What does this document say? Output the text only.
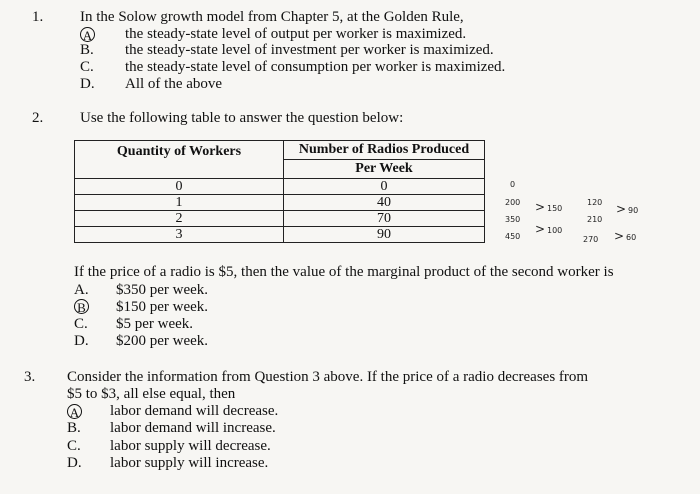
1. In the Solow growth model from Chapter 5, at the Golden Rule,
A the steady-state level of output per worker is maximized.
B. the steady-state level of investment per worker is maximized.
C. the steady-state level of consumption per worker is maximized.
D. All of the above
2. Use the following table to answer the question below:
Quantity of Workers	Number of Radios Produced
	Per Week
0	0
1	40
2	70
3	90
0
200
350
450
> 150
> 100
120
210
270
> 90
> 60
If the price of a radio is $5, then the value of the marginal product of the second worker is
A. $350 per week.
B $150 per week.
C. $5 per week.
D. $200 per week.
3. Consider the information from Question 3 above. If the price of a radio decreases from
$5 to $3, all else equal, then
A labor demand will decrease.
B. labor demand will increase.
C. labor supply will decrease.
D. labor supply will increase.
